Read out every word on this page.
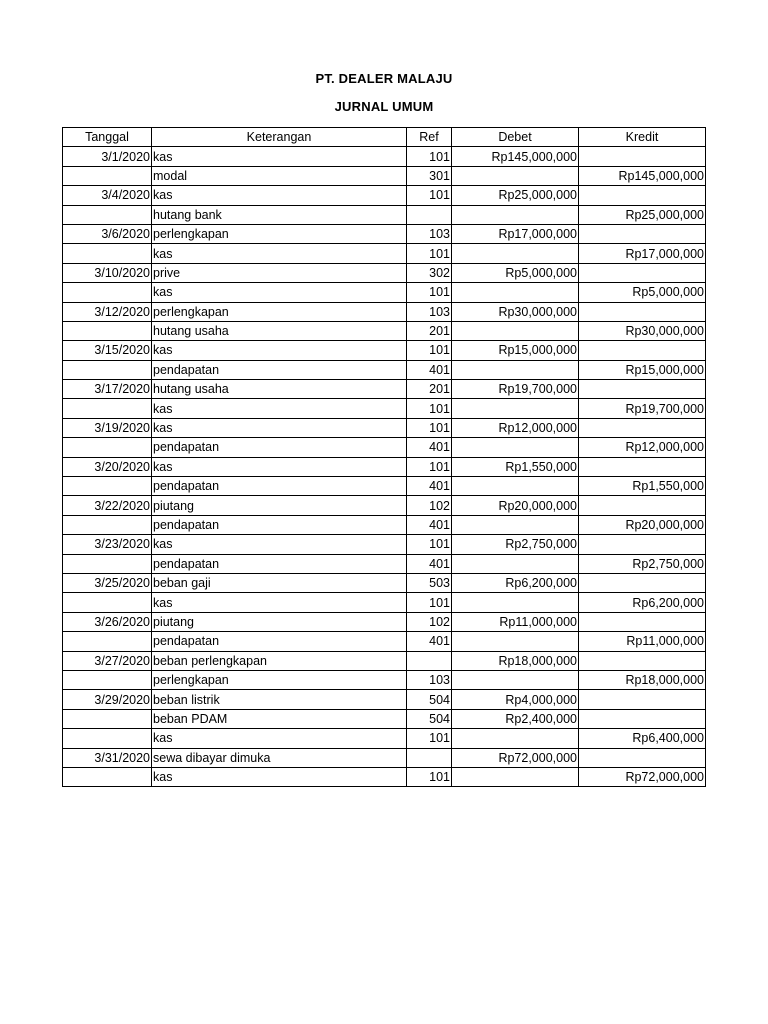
PT. DEALER MALAJU
JURNAL UMUM
Tanggal	Keterangan	Ref	Debet	Kredit
3/1/2020	kas	101	Rp145,000,000	
	modal	301		Rp145,000,000
3/4/2020	kas	101	Rp25,000,000	
	hutang bank			Rp25,000,000
3/6/2020	perlengkapan	103	Rp17,000,000	
	kas	101		Rp17,000,000
3/10/2020	prive	302	Rp5,000,000	
	kas	101		Rp5,000,000
3/12/2020	perlengkapan	103	Rp30,000,000	
	hutang usaha	201		Rp30,000,000
3/15/2020	kas	101	Rp15,000,000	
	pendapatan	401		Rp15,000,000
3/17/2020	hutang usaha	201	Rp19,700,000	
	kas	101		Rp19,700,000
3/19/2020	kas	101	Rp12,000,000	
	pendapatan	401		Rp12,000,000
3/20/2020	kas	101	Rp1,550,000	
	pendapatan	401		Rp1,550,000
3/22/2020	piutang	102	Rp20,000,000	
	pendapatan	401		Rp20,000,000
3/23/2020	kas	101	Rp2,750,000	
	pendapatan	401		Rp2,750,000
3/25/2020	beban gaji	503	Rp6,200,000	
	kas	101		Rp6,200,000
3/26/2020	piutang	102	Rp11,000,000	
	pendapatan	401		Rp11,000,000
3/27/2020	beban perlengkapan		Rp18,000,000	
	perlengkapan	103		Rp18,000,000
3/29/2020	beban listrik	504	Rp4,000,000	
	beban PDAM	504	Rp2,400,000	
	kas	101		Rp6,400,000
3/31/2020	sewa dibayar dimuka		Rp72,000,000	
	kas	101		Rp72,000,000
